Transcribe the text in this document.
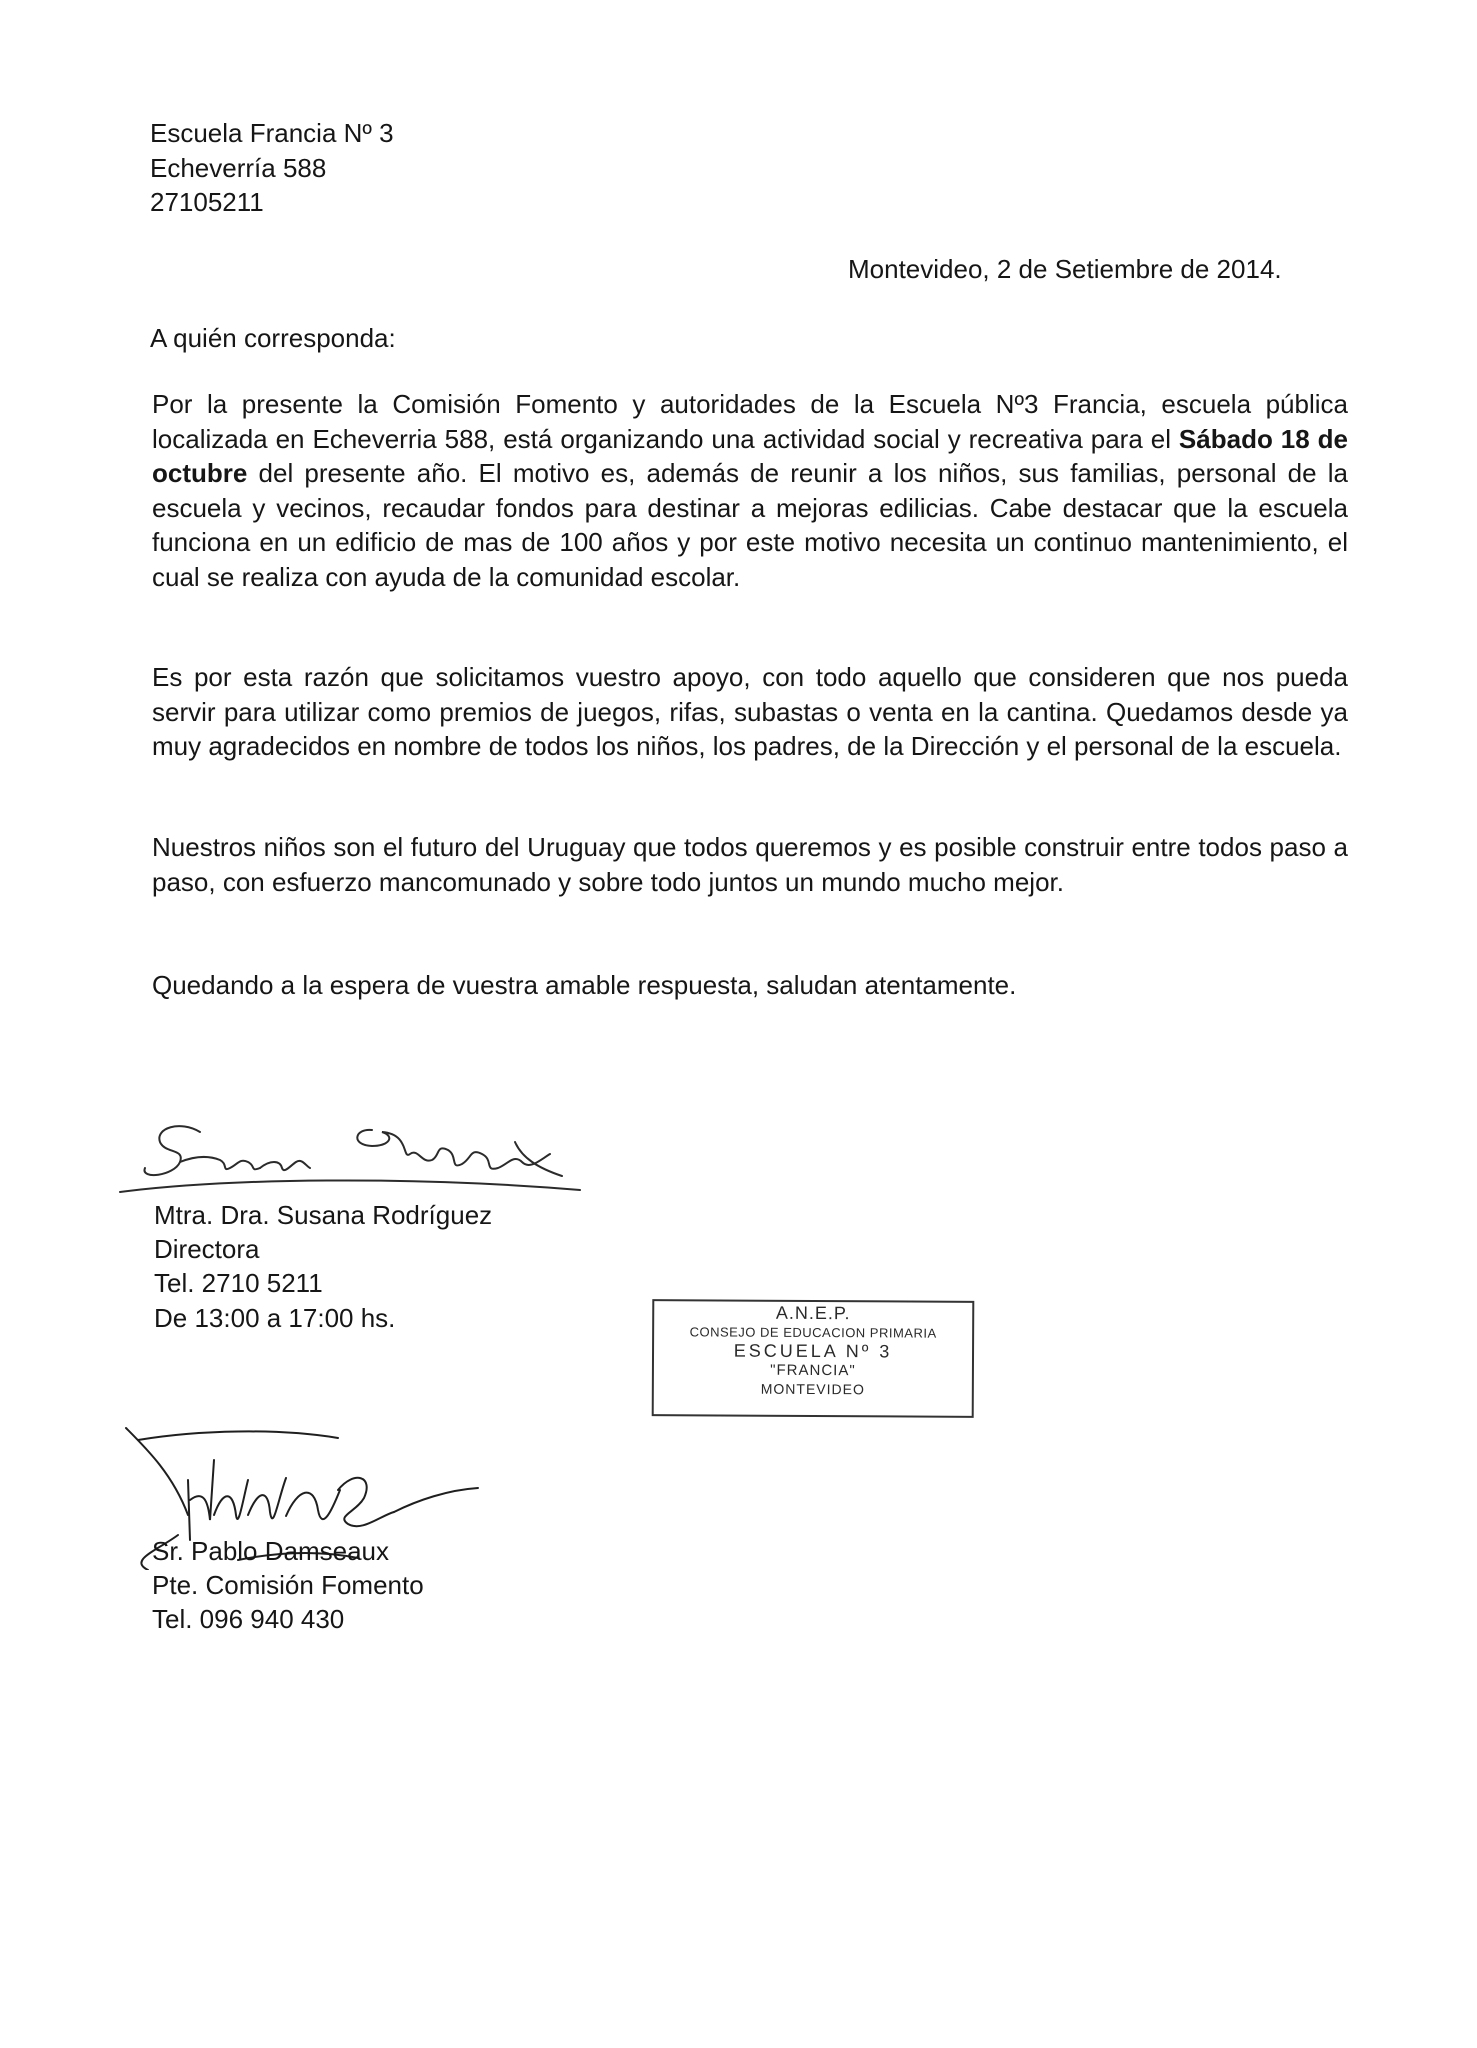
Escuela Francia Nº 3
Echeverría 588
27105211
Montevideo, 2 de Setiembre de 2014.
A quién corresponda:
Por la presente la Comisión Fomento y autoridades de la Escuela Nº3 Francia, escuela pública localizada en Echeverria 588, está organizando una actividad social y recreativa para el Sábado 18 de octubre del presente año. El motivo es, además de reunir a los niños, sus familias, personal de la escuela y vecinos, recaudar fondos para destinar a mejoras edilicias. Cabe destacar que la escuela funciona en un edificio de mas de 100 años y por este motivo necesita un continuo mantenimiento, el cual se realiza con ayuda de la comunidad escolar.
Es por esta razón que solicitamos vuestro apoyo, con todo aquello que consideren que nos pueda servir para utilizar como premios de juegos, rifas, subastas o venta en la cantina. Quedamos desde ya muy agradecidos en nombre de todos los niños, los padres, de la Dirección y el personal de la escuela.
Nuestros niños son el futuro del Uruguay que todos queremos y es posible construir entre todos paso a paso, con esfuerzo mancomunado y sobre todo juntos un mundo mucho mejor.
Quedando a la espera de vuestra amable respuesta, saludan atentamente.
Mtra. Dra. Susana Rodríguez
Directora
Tel. 2710 5211
De 13:00 a 17:00 hs.	A.N.E.P.
CONSEJO DE EDUCACION PRIMARIA
ESCUELA Nº 3
"FRANCIA"
MONTEVIDEO
Sr. Pablo Damseaux
Pte. Comisión Fomento
Tel. 096 940 430
